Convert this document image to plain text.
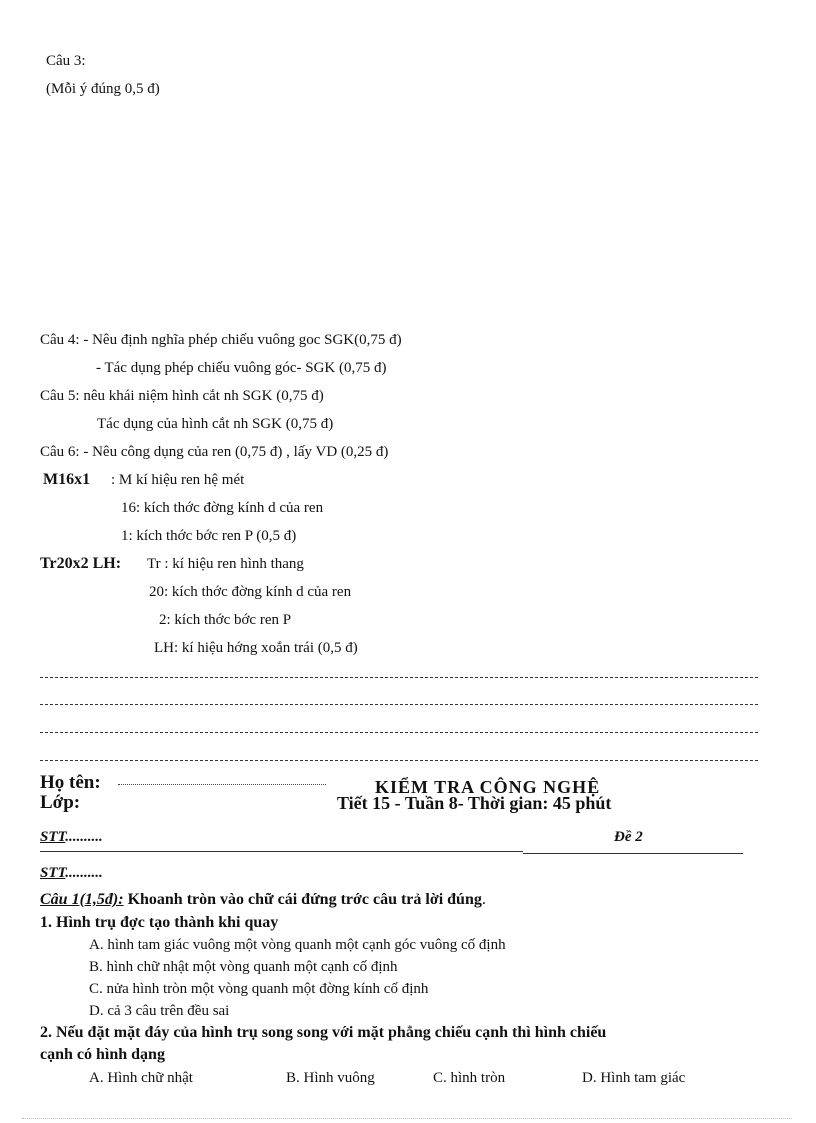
Câu 3:
(Mỗi ý đúng 0,5 đ)
Câu 4: - Nêu định nghĩa phép chiếu vuông goc SGK(0,75 đ)
- Tác dụng phép chiếu vuông góc- SGK (0,75 đ)
Câu 5: nêu khái niệm hình cắt nh SGK (0,75 đ)
Tác dụng của hình cắt nh SGK (0,75 đ)
Câu 6: - Nêu công dụng của ren (0,75 đ) , lấy VD (0,25 đ)
M16x1 : M kí hiệu ren hệ mét
16: kích thớc đờng kính d của ren
1: kích thớc bớc ren P (0,5 đ)
Tr20x2 LH: Tr : kí hiệu ren hình thang
20: kích thớc đờng kính d của ren
2: kích thớc bớc ren P
LH: kí hiệu hớng xoắn trái (0,5 đ)
Họ tên:	KIỂM TRA CÔNG NGHỆ
Lớp:	Tiết 15 - Tuần 8- Thời gian: 45 phút
STT..........	Đề 2
STT..........
Câu 1(1,5đ): Khoanh tròn vào chữ cái đứng trớc câu trả lời đúng.
1. Hình trụ đợc tạo thành khi quay
A. hình tam giác vuông một vòng quanh một cạnh góc vuông cố định
B. hình chữ nhật một vòng quanh một cạnh cố định
C. nửa hình tròn một vòng quanh một đờng kính cố định
D. cả 3 câu trên đều sai
2. Nếu đặt mặt đáy của hình trụ song song với mặt phẳng chiếu cạnh thì hình chiếu
cạnh có hình dạng
A. Hình chữ nhật	B. Hình vuông	C. hình tròn	D. Hình tam giác
